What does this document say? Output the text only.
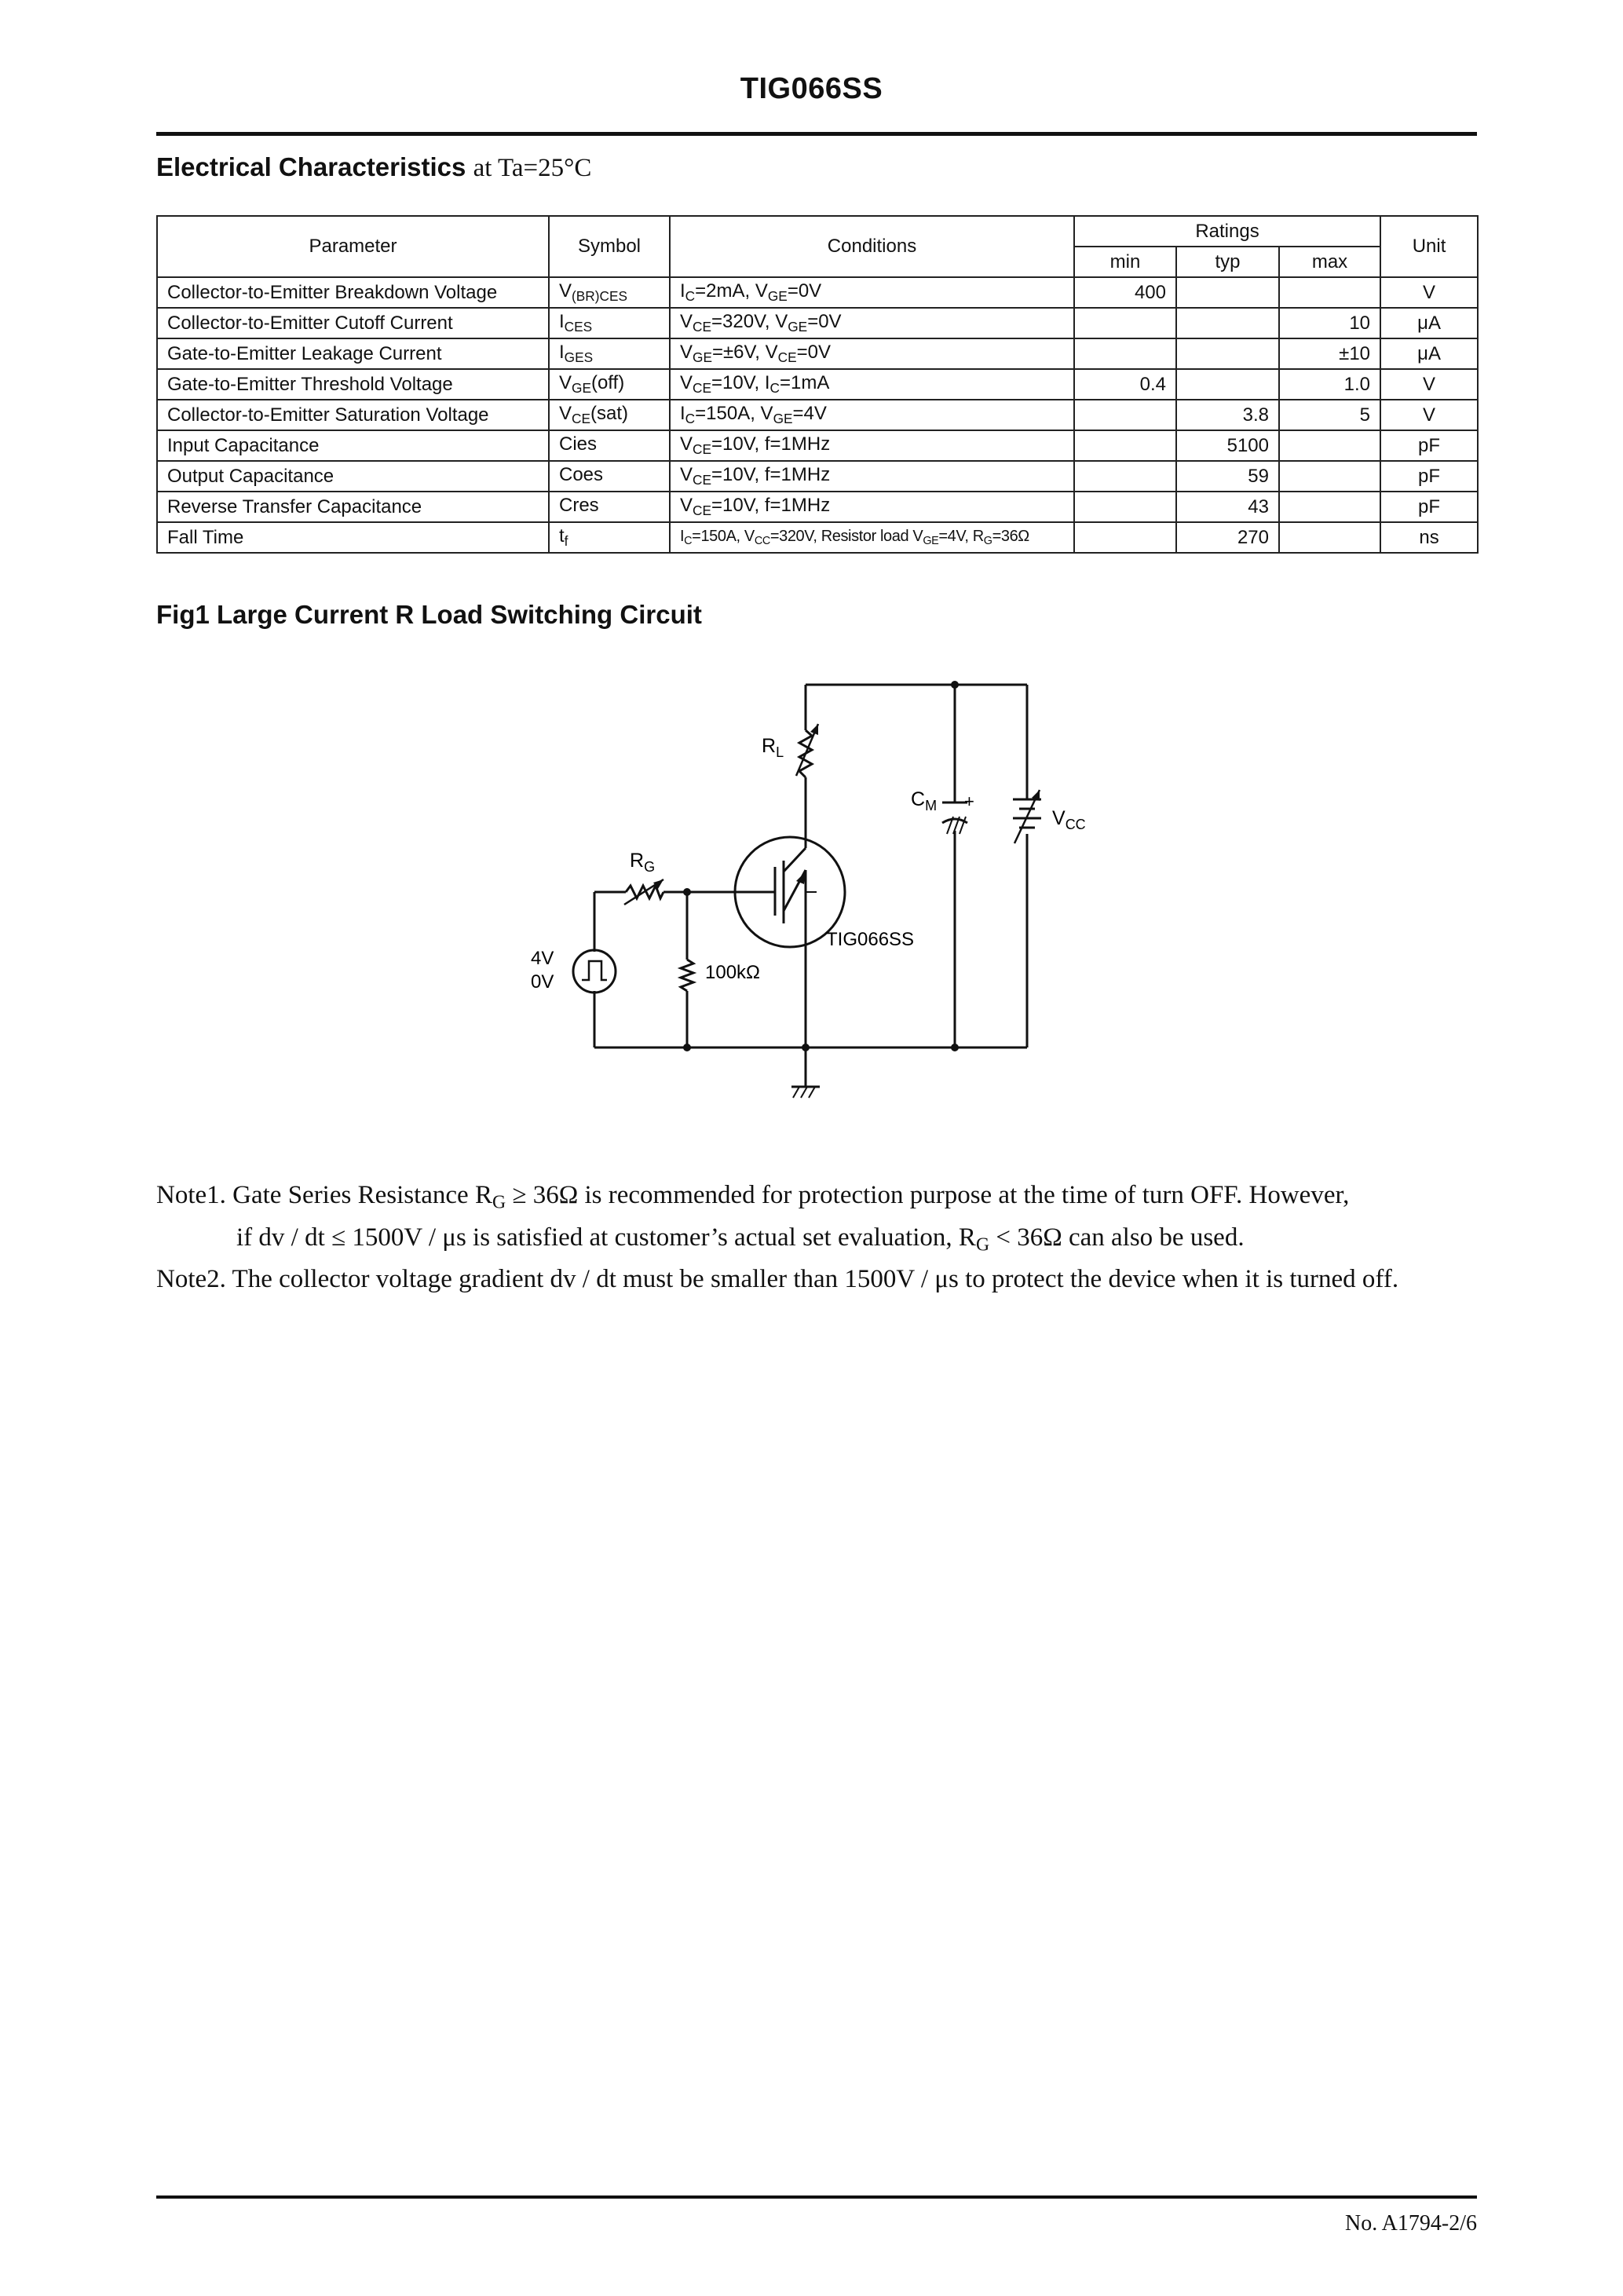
TIG066SS
Electrical Characteristics at Ta=25°C
Parameter	Symbol	Conditions	Ratings			Unit
			min	typ	max	
Collector-to-Emitter Breakdown Voltage	$V_{(BR)CES}$	$I_C=2mA$, $V_{GE}=0V$	400			V
Collector-to-Emitter Cutoff Current	$I_{CES}$	$V_{CE}=320V$, $V_{GE}=0V$			10	μA
Gate-to-Emitter Leakage Current	$I_{GES}$	$V_{GE}=\pm 6V$, $V_{CE}=0V$			±10	μA
Gate-to-Emitter Threshold Voltage	$V_{GE}(off)$	$V_{CE}=10V$, $I_C=1mA$	0.4		1.0	V
Collector-to-Emitter Saturation Voltage	$V_{CE}(sat)$	$I_C=150A$, $V_{GE}=4V$		3.8	5	V
Input Capacitance	Cies	$V_{CE}=10V$, f=1MHz		5100		pF
Output Capacitance	Coes	$V_{CE}=10V$, f=1MHz		59		pF
Reverse Transfer Capacitance	Cres	$V_{CE}=10V$, f=1MHz		43		pF
Fall Time	$t_f$	$I_C=150A$, $V_{CC}=320V$, Resistor load $V_{GE}=4V$, $R_G=36\Omega$		270		ns
Fig1 Large Current R Load Switching Circuit
$R_L$
TIG066SS
$C_M$ +
$V_{CC}$
$R_G$
4V
0V	100kΩ
Note1. Gate Series Resistance $R_G \ge 36\Omega$ is recommended for protection purpose at the time of turn OFF. However,
if dv / dt ≤ 1500V / μs is satisfied at customer’s actual set evaluation, $R_G < 36\Omega$ can also be used.
Note2. The collector voltage gradient dv / dt must be smaller than 1500V / μs to protect the device when it is turned off.
No. A1794-2/6
